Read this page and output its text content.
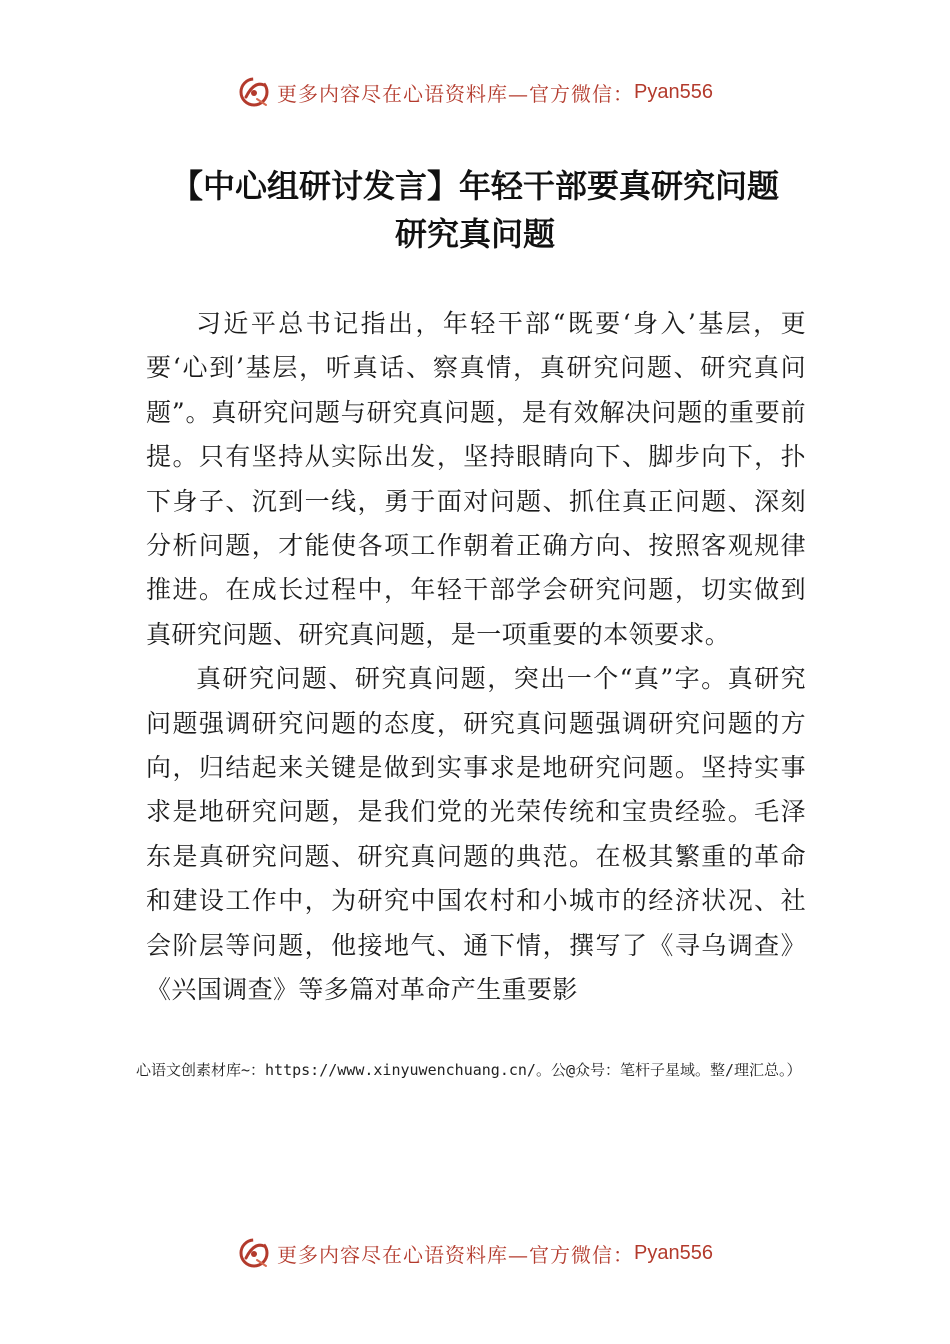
更多内容尽在心语资料库—官方微信： Pyan556
【中心组研讨发言】年轻干部要真研究问题
研究真问题

习近平总书记指出，年轻干部“既要‘身入’基层，更要‘心到’基层，听真话、察真情，真研究问题、研究真问题”。真研究问题与研究真问题，是有效解决问题的重要前提。只有坚持从实际出发，坚持眼睛向下、脚步向下，扑下身子、沉到一线，勇于面对问题、抓住真正问题、深刻分析问题，才能使各项工作朝着正确方向、按照客观规律推进。在成长过程中，年轻干部学会研究问题，切实做到真研究问题、研究真问题，是一项重要的本领要求。

真研究问题、研究真问题，突出一个“真”字。真研究问题强调研究问题的态度，研究真问题强调研究问题的方向，归结起来关键是做到实事求是地研究问题。坚持实事求是地研究问题，是我们党的光荣传统和宝贵经验。毛泽东是真研究问题、研究真问题的典范。在极其繁重的革命和建设工作中，为研究中国农村和小城市的经济状况、社会阶层等问题，他接地气、通下情，撰写了《寻乌调查》《兴国调查》等多篇对革命产生重要影

心语文创素材库~：https://www.xinyuwenchuang.cn/。公@众号：笔杆子星域。整/理汇总。）
更多内容尽在心语资料库—官方微信： Pyan556
